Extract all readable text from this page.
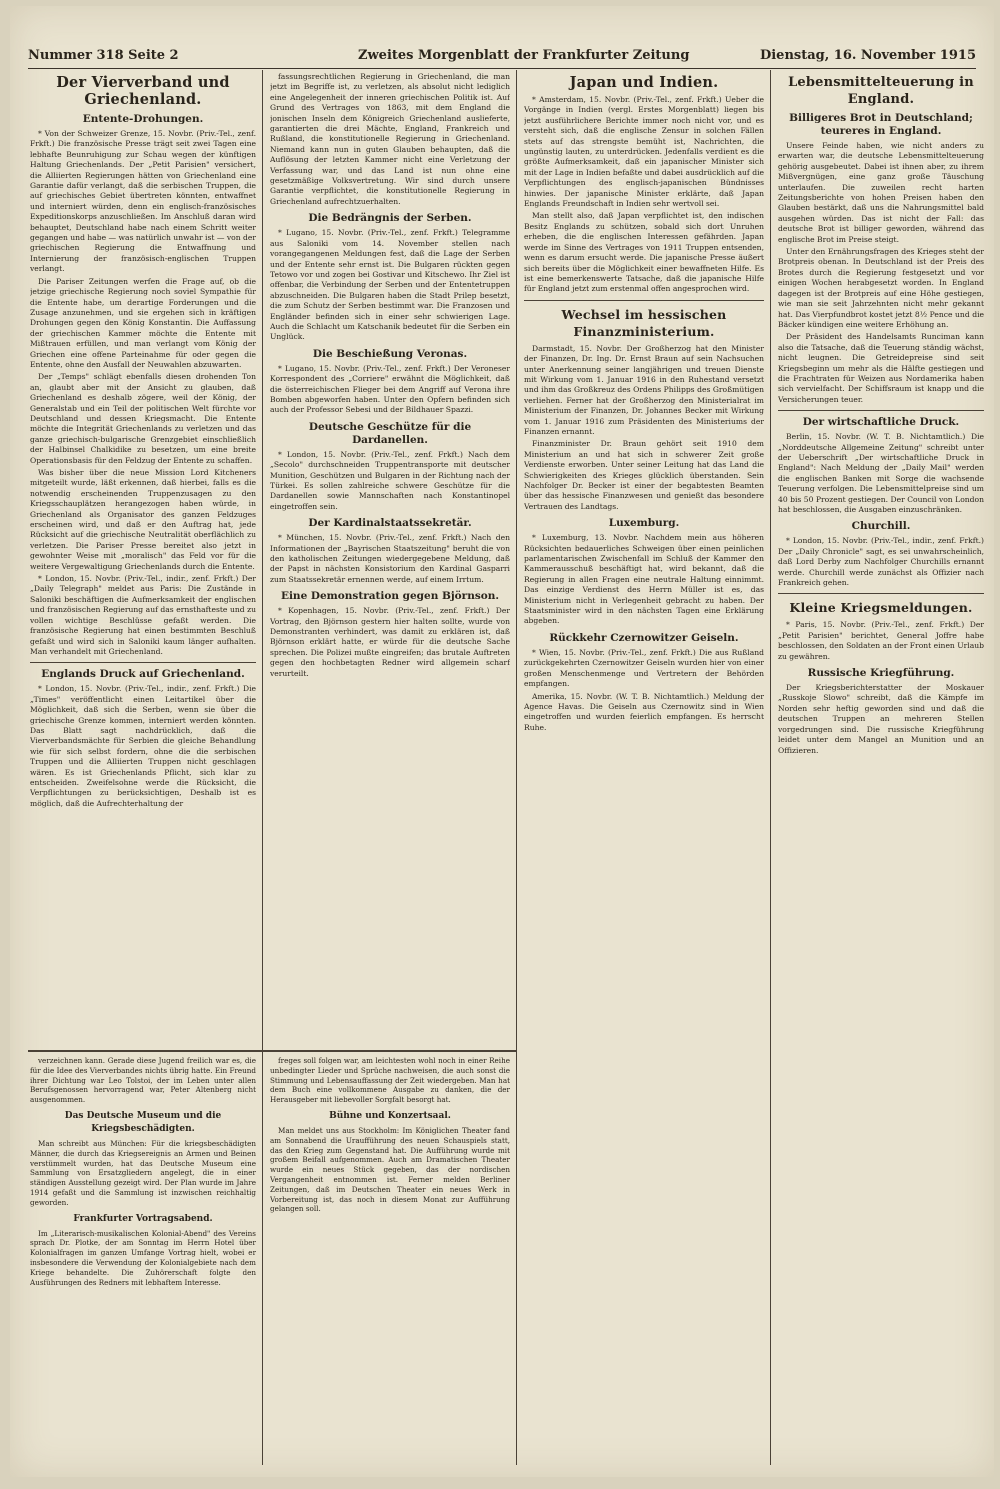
Nummer 318 Seite 2	Zweites Morgenblatt der Frankfurter Zeitung	Dienstag, 16. November 1915
Der Vierverband und Griechenland.
Entente-Drohungen.

* Von der Schweizer Grenze, 15. Novbr. (Priv.-Tel., zenf. Frkft.) Die französische Presse trägt seit zwei Tagen eine lebhafte Beunruhigung zur Schau wegen der künftigen Haltung Griechenlands. Der „Petit Parisien" versichert, die Alliierten Regierungen hätten von Griechenland eine Garantie dafür verlangt, daß die serbischen Truppen, die auf griechisches Gebiet übertreten könnten, entwaffnet und interniert würden, denn ein englisch-französisches Expeditionskorps anzuschließen. Im Anschluß daran wird behauptet, Deutschland habe nach einem Schritt weiter gegangen und habe — was natürlich unwahr ist — von der griechischen Regierung die Entwaffnung und Internierung der französisch-englischen Truppen verlangt.

Die Pariser Zeitungen werfen die Frage auf, ob die jetzige griechische Regierung noch soviel Sympathie für die Entente habe, um derartige Forderungen und die Zusage anzunehmen, und sie ergehen sich in kräftigen Drohungen gegen den König Konstantin. Die Auffassung der griechischen Kammer möchte die Entente mit Mißtrauen erfüllen, und man verlangt vom König der Griechen eine offene Parteinahme für oder gegen die Entente, ohne den Ausfall der Neuwahlen abzuwarten.

Der „Temps" schlägt ebenfalls diesen drohenden Ton an, glaubt aber mit der Ansicht zu glauben, daß Griechenland es deshalb zögere, weil der König, der Generalstab und ein Teil der politischen Welt fürchte vor Deutschland und dessen Kriegsmacht. Die Entente möchte die Integrität Griechenlands zu verletzen und das ganze griechisch-bulgarische Grenzgebiet einschließlich der Halbinsel Chalkidike zu besetzen, um eine breite Operationsbasis für den Feldzug der Entente zu schaffen.

Was bisher über die neue Mission Lord Kitcheners mitgeteilt wurde, läßt erkennen, daß hierbei, falls es die notwendig erscheinenden Truppenzusagen zu den Kriegsschauplätzen herangezogen haben würde, in Griechenland als Organisator des ganzen Feldzuges erscheinen wird, und daß er den Auftrag hat, jede Rücksicht auf die griechische Neutralität oberflächlich zu verletzen. Die Pariser Presse bereitet also jetzt in gewohnter Weise mit „moralisch" das Feld vor für die weitere Vergewaltigung Griechenlands durch die Entente.

* London, 15. Novbr. (Priv.-Tel., indir., zenf. Frkft.) Der „Daily Telegraph" meldet aus Paris: Die Zustände in Saloniki beschäftigen die Aufmerksamkeit der englischen und französischen Regierung auf das ernsthafteste und zu vollen wichtige Beschlüsse gefaßt werden. Die französische Regierung hat einen bestimmten Beschluß gefaßt und wird sich in Saloniki kaum länger aufhalten. Man verhandelt mit Griechenland.

Englands Druck auf Griechenland.

* London, 15. Novbr. (Priv.-Tel., indir., zenf. Frkft.) Die „Times" veröffentlicht einen Leitartikel über die Möglichkeit, daß sich die Serben, wenn sie über die griechische Grenze kommen, interniert werden könnten. Das Blatt sagt nachdrücklich, daß die Vierverbandsmächte für Serbien die gleiche Behandlung wie für sich selbst fordern, ohne die die serbischen Truppen und die Alliierten Truppen nicht geschlagen wären. Es ist Griechenlands Pflicht, sich klar zu entscheiden. Zweifelsohne werde die Rücksicht, die Verpflichtungen zu berücksichtigen, Deshalb ist es möglich, daß die Aufrechterhaltung der

fassungsrechtlichen Regierung in Griechenland, die man jetzt im Begriffe ist, zu verletzen, als absolut nicht lediglich eine Angelegenheit der inneren griechischen Politik ist. Auf Grund des Vertrages von 1863, mit dem England die jonischen Inseln dem Königreich Griechenland auslieferte, garantierten die drei Mächte, England, Frankreich und Rußland, die konstitutionelle Regierung in Griechenland. Niemand kann nun in guten Glauben behaupten, daß die Auflösung der letzten Kammer nicht eine Verletzung der Verfassung war, und das Land ist nun ohne eine gesetzmäßige Volksvertretung. Wir sind durch unsere Garantie verpflichtet, die konstitutionelle Regierung in Griechenland aufrechtzuerhalten.

Die Bedrängnis der Serben.

* Lugano, 15. Novbr. (Priv.-Tel., zenf. Frkft.) Telegramme aus Saloniki vom 14. November stellen nach vorangegangenen Meldungen fest, daß die Lage der Serben und der Entente sehr ernst ist. Die Bulgaren rückten gegen Tetowo vor und zogen bei Gostivar und Kitschewo. Ihr Ziel ist offenbar, die Verbindung der Serben und der Ententetruppen abzuschneiden. Die Bulgaren haben die Stadt Prilep besetzt, die zum Schutz der Serben bestimmt war. Die Franzosen und Engländer befinden sich in einer sehr schwierigen Lage. Auch die Schlacht um Katschanik bedeutet für die Serben ein Unglück.

Die Beschießung Veronas.

* Lugano, 15. Novbr. (Priv.-Tel., zenf. Frkft.) Der Veroneser Korrespondent des „Corriere" erwähnt die Möglichkeit, daß die österreichischen Flieger bei dem Angriff auf Verona ihre Bomben abgeworfen haben. Unter den Opfern befinden sich auch der Professor Sebesi und der Bildhauer Spazzi.

Deutsche Geschütze für die Dardanellen.

* London, 15. Novbr. (Priv.-Tel., zenf. Frkft.) Nach dem „Secolo" durchschneiden Truppentransporte mit deutscher Munition, Geschützen und Bulgaren in der Richtung nach der Türkei. Es sollen zahlreiche schwere Geschütze für die Dardanellen sowie Mannschaften nach Konstantinopel eingetroffen sein.

Der Kardinalstaatssekretär.

* München, 15. Novbr. (Priv.-Tel., zenf. Frkft.) Nach den Informationen der „Bayrischen Staatszeitung" beruht die von den katholischen Zeitungen wiedergegebene Meldung, daß der Papst in nächsten Konsistorium den Kardinal Gasparri zum Staatssekretär ernennen werde, auf einem Irrtum.

Eine Demonstration gegen Björnson.

* Kopenhagen, 15. Novbr. (Priv.-Tel., zenf. Frkft.) Der Vortrag, den Björnson gestern hier halten sollte, wurde von Demonstranten verhindert, was damit zu erklären ist, daß Björnson erklärt hatte, er würde für die deutsche Sache sprechen. Die Polizei mußte eingreifen; das brutale Auftreten gegen den hochbetagten Redner wird allgemein scharf verurteilt.

Japan und Indien.

* Amsterdam, 15. Novbr. (Priv.-Tel., zenf. Frkft.) Ueber die Vorgänge in Indien (vergl. Erstes Morgenblatt) liegen bis jetzt ausführlichere Berichte immer noch nicht vor, und es versteht sich, daß die englische Zensur in solchen Fällen stets auf das strengste bemüht ist, Nachrichten, die ungünstig lauten, zu unterdrücken. Jedenfalls verdient es die größte Aufmerksamkeit, daß ein japanischer Minister sich mit der Lage in Indien befaßte und dabei ausdrücklich auf die Verpflichtungen des englisch-japanischen Bündnisses hinwies. Der japanische Minister erklärte, daß Japan Englands Freundschaft in Indien sehr wertvoll sei.

Man stellt also, daß Japan verpflichtet ist, den indischen Besitz Englands zu schützen, sobald sich dort Unruhen erheben, die die englischen Interessen gefährden. Japan werde im Sinne des Vertrages von 1911 Truppen entsenden, wenn es darum ersucht werde. Die japanische Presse äußert sich bereits über die Möglichkeit einer bewaffneten Hilfe. Es ist eine bemerkenswerte Tatsache, daß die japanische Hilfe für England jetzt zum erstenmal offen angesprochen wird.

Wechsel im hessischen Finanzministerium.

Darmstadt, 15. Novbr. Der Großherzog hat den Minister der Finanzen, Dr. Ing. Dr. Ernst Braun auf sein Nachsuchen unter Anerkennung seiner langjährigen und treuen Dienste mit Wirkung vom 1. Januar 1916 in den Ruhestand versetzt und ihm das Großkreuz des Ordens Philipps des Großmütigen verliehen. Ferner hat der Großherzog den Ministerialrat im Ministerium der Finanzen, Dr. Johannes Becker mit Wirkung vom 1. Januar 1916 zum Präsidenten des Ministeriums der Finanzen ernannt.

Finanzminister Dr. Braun gehört seit 1910 dem Ministerium an und hat sich in schwerer Zeit große Verdienste erworben. Unter seiner Leitung hat das Land die Schwierigkeiten des Krieges glücklich überstanden. Sein Nachfolger Dr. Becker ist einer der begabtesten Beamten über das hessische Finanzwesen und genießt das besondere Vertrauen des Landtags.

Luxemburg.

* Luxemburg, 13. Novbr. Nachdem mein aus höheren Rücksichten bedauerliches Schweigen über einen peinlichen parlamentarischen Zwischenfall im Schluß der Kammer den Kammerausschuß beschäftigt hat, wird bekannt, daß die Regierung in allen Fragen eine neutrale Haltung einnimmt. Das einzige Verdienst des Herrn Müller ist es, das Ministerium nicht in Verlegenheit gebracht zu haben. Der Staatsminister wird in den nächsten Tagen eine Erklärung abgeben.

Rückkehr Czernowitzer Geiseln.

* Wien, 15. Novbr. (Priv.-Tel., zenf. Frkft.) Die aus Rußland zurückgekehrten Czernowitzer Geiseln wurden hier von einer großen Menschenmenge und Vertretern der Behörden empfangen.

Amerika, 15. Novbr. (W. T. B. Nichtamtlich.) Meldung der Agence Havas. Die Geiseln aus Czernowitz sind in Wien eingetroffen und wurden feierlich empfangen. Es herrscht Ruhe.

Lebensmittelteuerung in England.
Billigeres Brot in Deutschland; teureres in England.

Unsere Feinde haben, wie nicht anders zu erwarten war, die deutsche Lebensmittelteuerung gehörig ausgebeutet. Dabei ist ihnen aber, zu ihrem Mißvergnügen, eine ganz große Täuschung unterlaufen. Die zuweilen recht harten Zeitungsberichte von hohen Preisen haben den Glauben bestärkt, daß uns die Nahrungsmittel bald ausgehen würden. Das ist nicht der Fall: das deutsche Brot ist billiger geworden, während das englische Brot im Preise steigt.

Unter den Ernährungsfragen des Krieges steht der Brotpreis obenan. In Deutschland ist der Preis des Brotes durch die Regierung festgesetzt und vor einigen Wochen herabgesetzt worden. In England dagegen ist der Brotpreis auf eine Höhe gestiegen, wie man sie seit Jahrzehnten nicht mehr gekannt hat. Das Vierpfundbrot kostet jetzt 8½ Pence und die Bäcker kündigen eine weitere Erhöhung an.

Der Präsident des Handelsamts Runciman kann also die Tatsache, daß die Teuerung ständig wächst, nicht leugnen. Die Getreidepreise sind seit Kriegsbeginn um mehr als die Hälfte gestiegen und die Frachtraten für Weizen aus Nordamerika haben sich vervielfacht. Der Schiffsraum ist knapp und die Versicherungen teuer.

Der wirtschaftliche Druck.

Berlin, 15. Novbr. (W. T. B. Nichtamtlich.) Die „Norddeutsche Allgemeine Zeitung" schreibt unter der Ueberschrift „Der wirtschaftliche Druck in England": Nach Meldung der „Daily Mail" werden die englischen Banken mit Sorge die wachsende Teuerung verfolgen. Die Lebensmittelpreise sind um 40 bis 50 Prozent gestiegen. Der Council von London hat beschlossen, die Ausgaben einzuschränken.

Churchill.

* London, 15. Novbr. (Priv.-Tel., indir., zenf. Frkft.) Der „Daily Chronicle" sagt, es sei unwahrscheinlich, daß Lord Derby zum Nachfolger Churchills ernannt werde. Churchill werde zunächst als Offizier nach Frankreich gehen.

Kleine Kriegsmeldungen.

* Paris, 15. Novbr. (Priv.-Tel., zenf. Frkft.) Der „Petit Parisien" berichtet, General Joffre habe beschlossen, den Soldaten an der Front einen Urlaub zu gewähren.

Russische Kriegführung.

Der Kriegsberichterstatter der Moskauer „Russkoje Slowo" schreibt, daß die Kämpfe im Norden sehr heftig geworden sind und daß die deutschen Truppen an mehreren Stellen vorgedrungen sind. Die russische Kriegführung leidet unter dem Mangel an Munition und an Offizieren.

verzeichnen kann. Gerade diese Jugend freilich war es, die für die Idee des Vierverbandes nichts übrig hatte. Ein Freund ihrer Dichtung war Leo Tolstoi, der im Leben unter allen Berufsgenossen hervorragend war, Peter Altenberg nicht ausgenommen.

Das Deutsche Museum und die Kriegsbeschädigten.

Man schreibt aus München: Für die kriegsbeschädigten Männer, die durch das Kriegsereignis an Armen und Beinen verstümmelt wurden, hat das Deutsche Museum eine Sammlung von Ersatzgliedern angelegt, die in einer ständigen Ausstellung gezeigt wird. Der Plan wurde im Jahre 1914 gefaßt und die Sammlung ist inzwischen reichhaltig geworden.

Frankfurter Vortragsabend.

Im „Literarisch-musikalischen Kolonial-Abend" des Vereins sprach Dr. Plotke, der am Sonntag im Herrn Hotel über Kolonialfragen im ganzen Umfange Vortrag hielt, wobei er insbesondere die Verwendung der Kolonialgebiete nach dem Kriege behandelte. Die Zuhörerschaft folgte den Ausführungen des Redners mit lebhaftem Interesse.

freges soll folgen war, am leichtesten wohl noch in einer Reihe unbedingter Lieder und Sprüche nachweisen, die auch sonst die Stimmung und Lebensauffassung der Zeit wiedergeben. Man hat dem Buch eine vollkommene Ausgabe zu danken, die der Herausgeber mit liebevoller Sorgfalt besorgt hat.

Bühne und Konzertsaal.

Man meldet uns aus Stockholm: Im Königlichen Theater fand am Sonnabend die Uraufführung des neuen Schauspiels statt, das den Krieg zum Gegenstand hat. Die Aufführung wurde mit großem Beifall aufgenommen. Auch am Dramatischen Theater wurde ein neues Stück gegeben, das der nordischen Vergangenheit entnommen ist. Ferner melden Berliner Zeitungen, daß im Deutschen Theater ein neues Werk in Vorbereitung ist, das noch in diesem Monat zur Aufführung gelangen soll.
